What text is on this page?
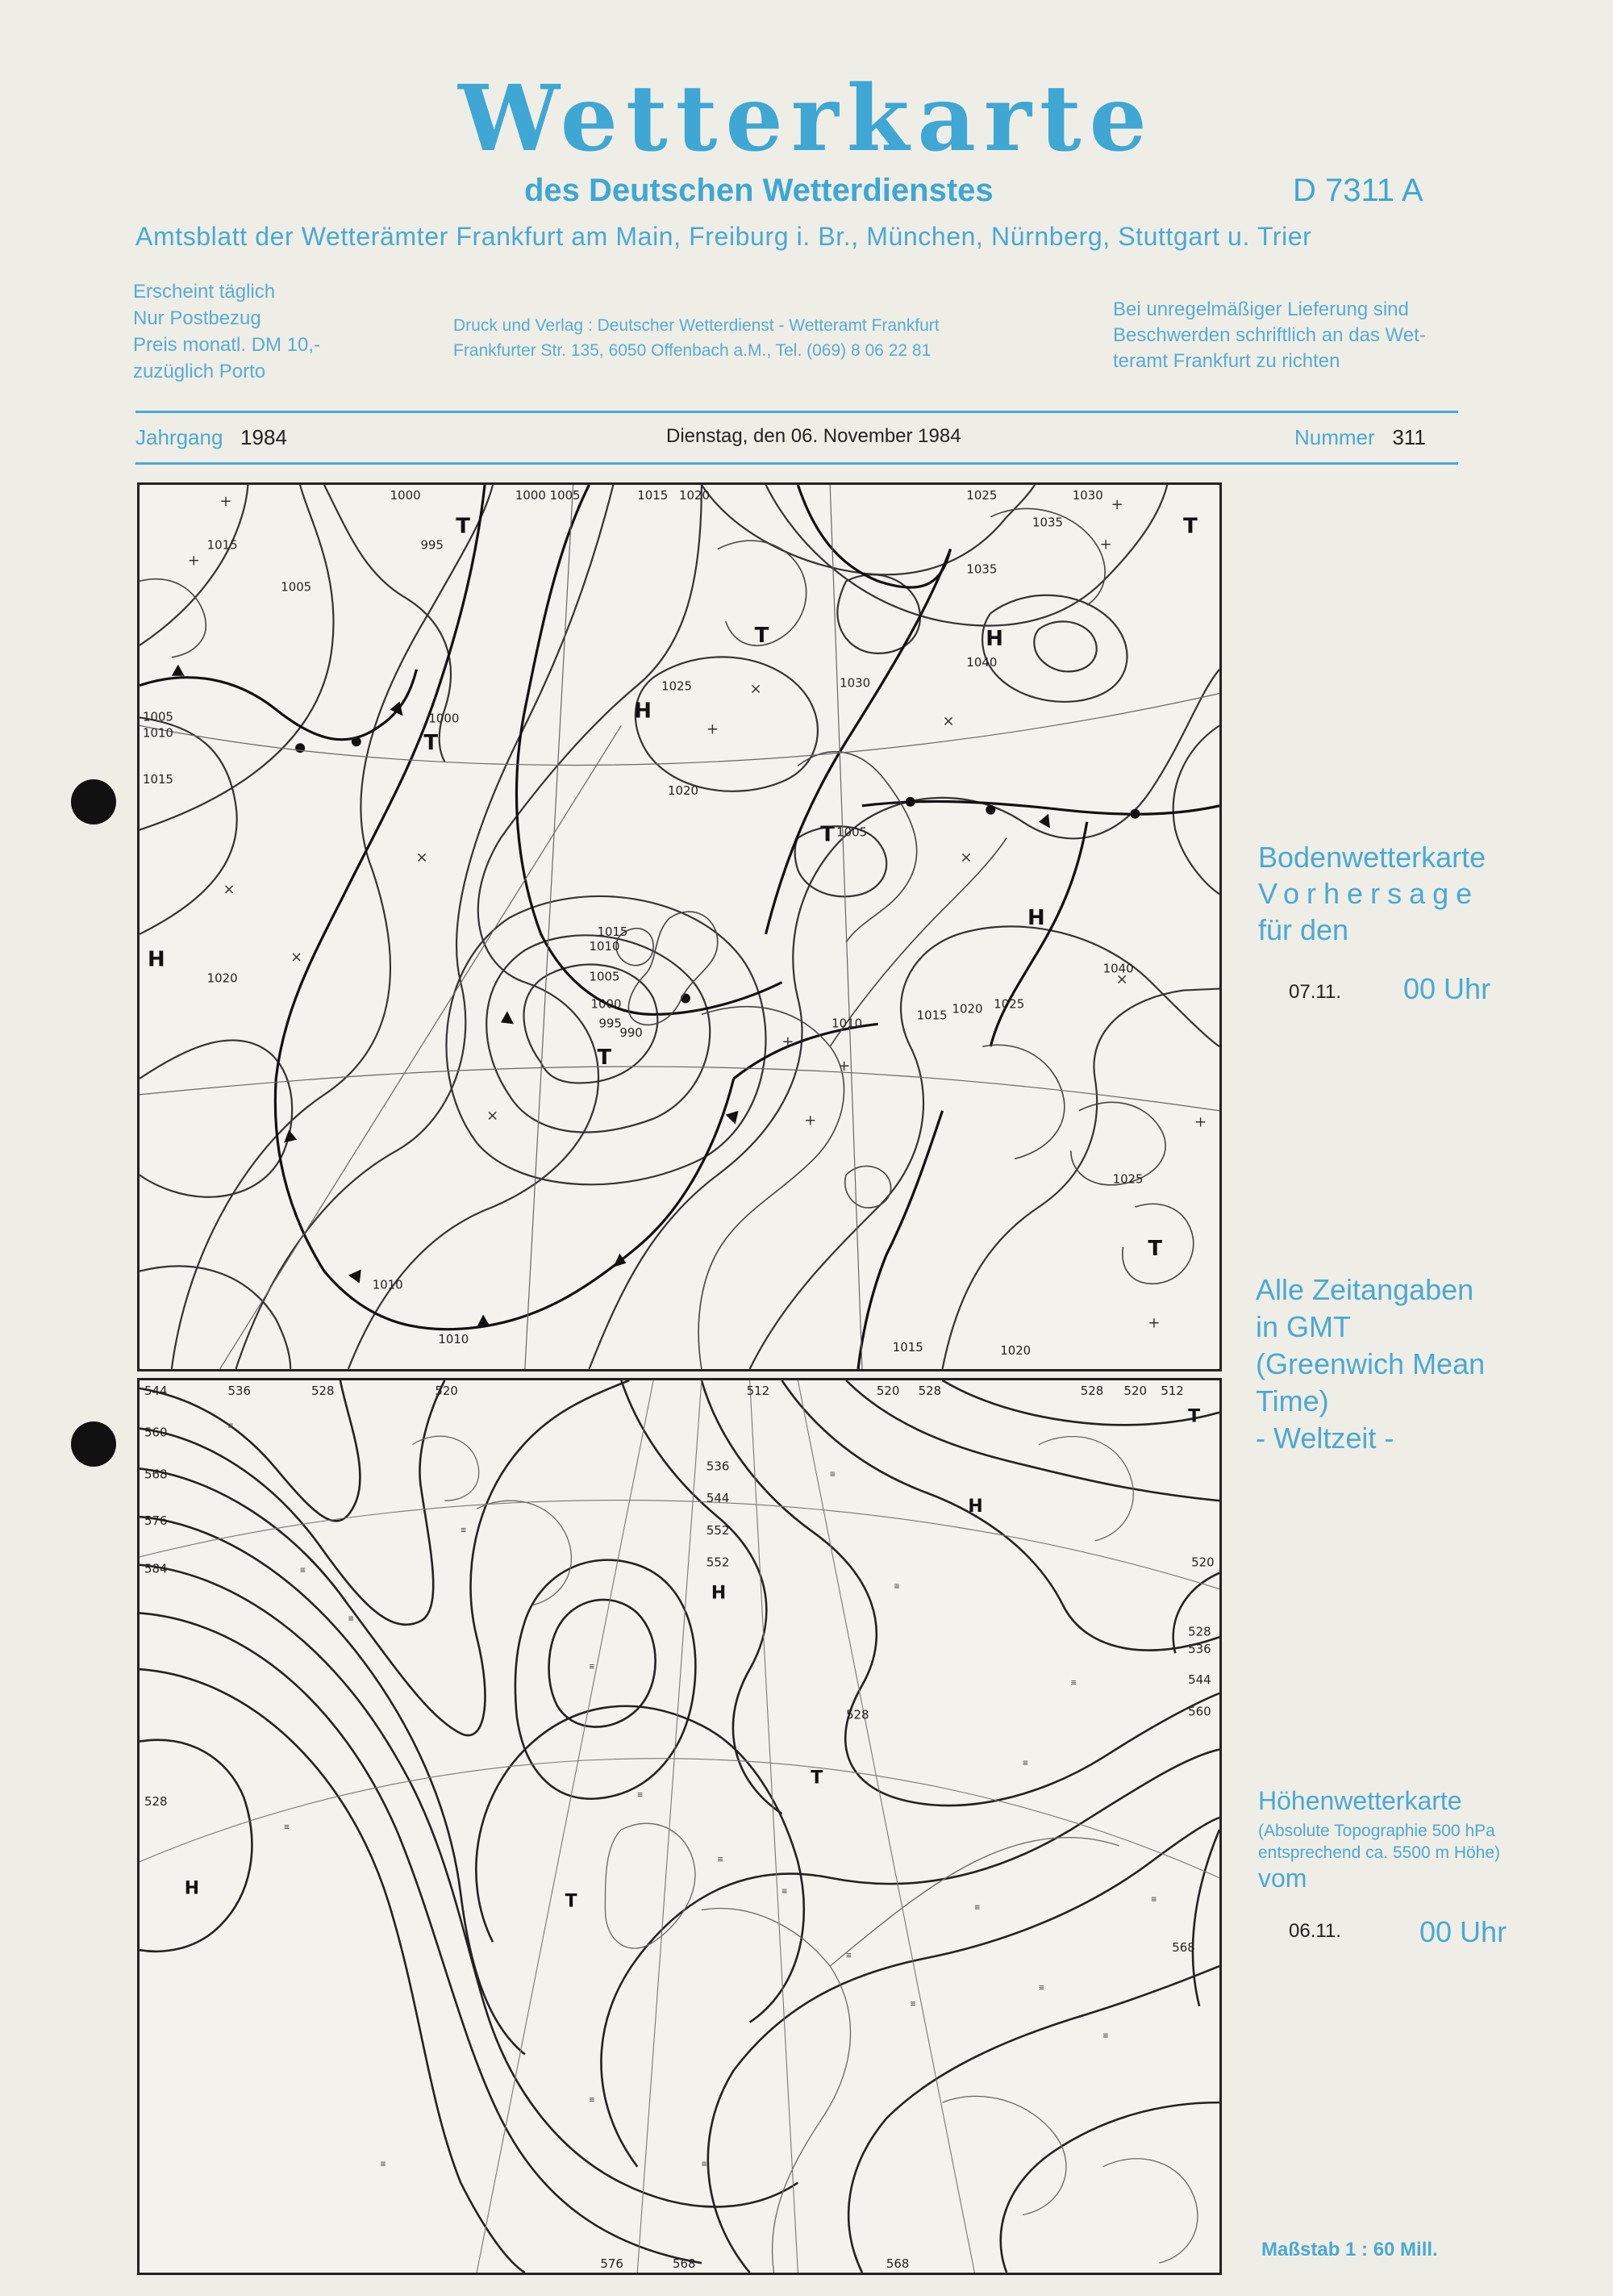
Wetterkarte
des Deutschen Wetterdienstes	D 7311 A
Amtsblatt der Wetterämter Frankfurt am Main, Freiburg i. Br., München, Nürnberg, Stuttgart u. Trier
Erscheint täglich
Nur Postbezug
Preis monatl. DM 10,-
zuzüglich Porto
Druck und Verlag : Deutscher Wetterdienst - Wetteramt Frankfurt
Frankfurter Str. 135, 6050 Offenbach a.M., Tel. (069) 8 06 22 81
Bei unregelmäßiger Lieferung sind
Beschwerden schriftlich an das Wet-
teramt Frankfurt zu richten
Jahrgang 1984	Dienstag, den 06. November 1984	Nummer 311
1000	1000 1005	1015 1020	1025	1030
1035
1035
1040
995
990
995
1005
1000
1020
1025	1030
1010
1015 1020 1025
1040
1025
1015
1010
1005
1015	1020
1010
1010
1015
1005
1010
1015
1020
1005
1000
H
H
H
H
T	T
T
T
T
T
T
+
+
+
+
×
×
×
+
+
+
×
×
×
+
+
+
×
×
544	536	528	520	512	520 528	528 520 512
560
568
576
584
528
536
544
552
552	520
528
536
544
560
528
568
576	568	568
H
H
H
T
T
T
≡
≡
≡
≡
≡
≡
≡
≡
≡
≡
≡
≡
≡
≡
≡
≡
≡
≡
≡
≡
≡
≡
Bodenwetterkarte
Vorhersage
für den
07.11. 00 Uhr
Alle Zeitangaben
in GMT
(Greenwich Mean
Time)
- Weltzeit -
Höhenwetterkarte
(Absolute Topographie 500 hPa
entsprechend ca. 5500 m Höhe)
vom
06.11.	00 Uhr
Maßstab 1 : 60 Mill.
